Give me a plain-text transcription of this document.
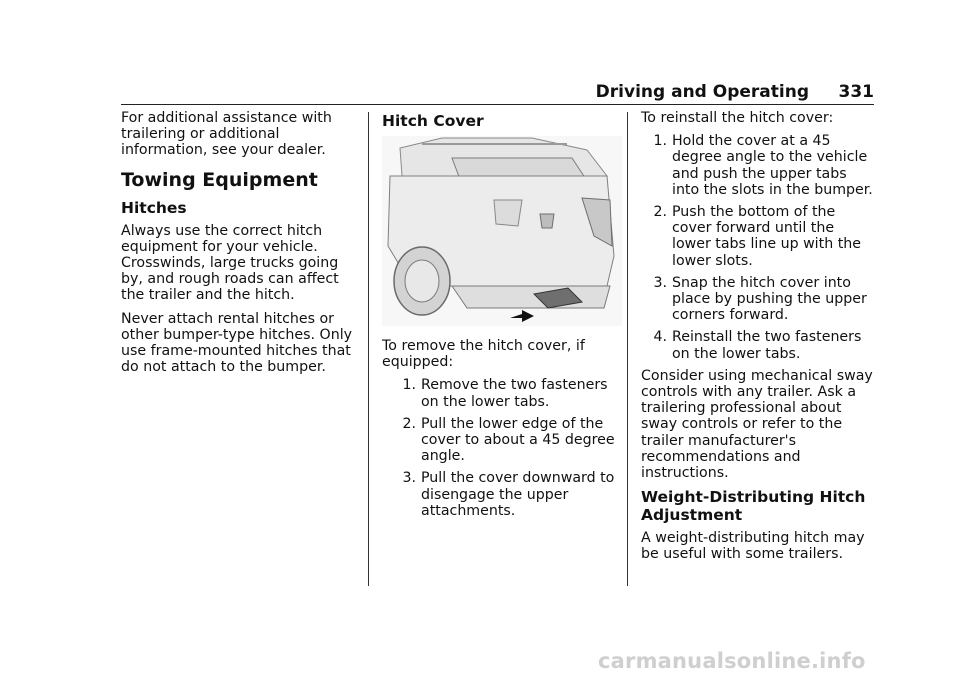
Driving and Operating 331

For additional assistance with trailering or additional information, see your dealer.

Towing Equipment
Hitches

Always use the correct hitch equipment for your vehicle. Crosswinds, large trucks going by, and rough roads can affect the trailer and the hitch.

Never attach rental hitches or other bumper-type hitches. Only use frame-mounted hitches that do not attach to the bumper.

Hitch Cover

To remove the hitch cover, if equipped:

1. Remove the two fasteners on the lower tabs.
2. Pull the lower edge of the cover to about a 45 degree angle.
3. Pull the cover downward to disengage the upper attachments.

To reinstall the hitch cover:

1. Hold the cover at a 45 degree angle to the vehicle and push the upper tabs into the slots in the bumper.
2. Push the bottom of the cover forward until the lower tabs line up with the lower slots.
3. Snap the hitch cover into place by pushing the upper corners forward.
4. Reinstall the two fasteners on the lower tabs.

Consider using mechanical sway controls with any trailer. Ask a trailering professional about sway controls or refer to the trailer manufacturer's recommendations and instructions.

Weight-Distributing Hitch Adjustment

A weight-distributing hitch may be useful with some trailers.

carmanualsonline.info
